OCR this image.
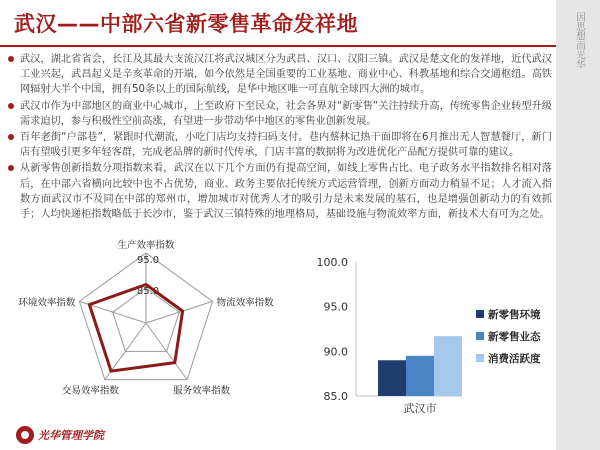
武汉——中部六省新零售革命发祥地	因思想而光华
武汉，湖北省省会，长江及其最大支流汉江将武汉城区分为武昌、汉口、汉阳三镇。武汉是楚文化的发祥地，近代武汉工业兴起，武昌起义是辛亥革命的开端，如今依然是全国重要的工业基地、商业中心、科教基地和综合交通枢纽。高铁网辐射大半个中国，拥有50条以上的国际航线，是华中地区唯一可直航全球四大洲的城市。
武汉市作为中部地区的商业中心城市，上至政府下至民众，社会各界对“新零售”关注持续升高，传统零售企业转型升级需求迫切，参与积极性空前高涨，有望进一步带动华中地区的零售业创新发展。
百年老街“户部巷”，紧跟时代潮流，小吃门店均支持扫码支付。巷内蔡林记热干面即将在6月推出无人智慧餐厅，新门店有望吸引更多年轻客群，完成老品牌的新时代传承，门店丰富的数据将为改进优化产品配方提供可靠的建议。
从新零售创新指数分项指数来看，武汉在以下几个方面仍有提高空间，如线上零售占比、电子政务水平指数排名相对落后，在中部六省横向比较中也不占优势，商业、政务主要依托传统方式运营管理，创新方面动力稍显不足；人才流入指数方面武汉市不及同在中部的郑州市，增加城市对优秀人才的吸引力是未来发展的基石，也是增强创新动力的有效抓手；人均快递柜指数略低于长沙市，鉴于武汉三镇特殊的地理格局，基础设施与物流效率方面，新技术大有可为之处。
95.0
85.0
生产效率指数
物流效率指数
服务效率指数
交易效率指数
环境效率指数
100.0
95.0
90.0
85.0
武汉市
新零售环境
新零售业态
消费活跃度
光华管理学院
